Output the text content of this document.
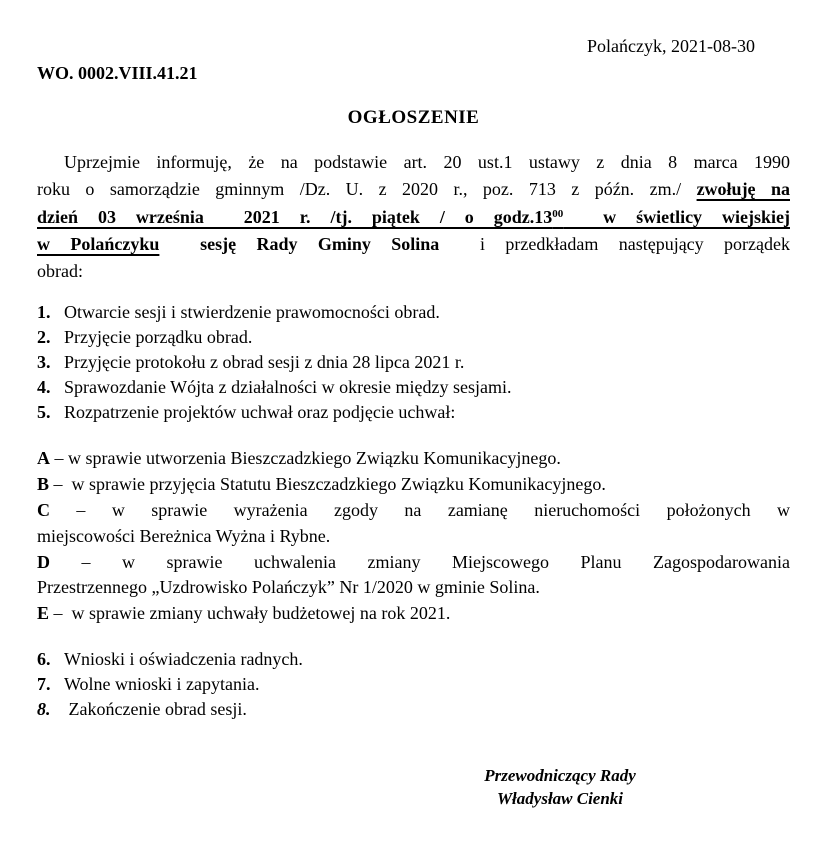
Polańczyk, 2021-08-30
WO. 0002.VIII.41.21
OGŁOSZENIE
Uprzejmie informuję, że na podstawie art. 20 ust.1 ustawy z dnia 8 marca 1990
roku o samorządzie gminnym /Dz. U. z 2020 r., poz. 713 z późn. zm./ zwołuję na
dzień 03 września  2021 r. /tj. piątek / o $godz.13^{00}$  w świetlicy wiejskiej
w Polańczyku sesję Rady Gminy Solina  i przedkładam następujący porządek
obrad:
1. Otwarcie sesji i stwierdzenie prawomocności obrad.
2. Przyjęcie porządku obrad.
3. Przyjęcie protokołu z obrad sesji z dnia 28 lipca 2021 r.
4. Sprawozdanie Wójta z działalności w okresie między sesjami.
5. Rozpatrzenie projektów uchwał oraz podjęcie uchwał:
A – w sprawie utworzenia Bieszczadzkiego Związku Komunikacyjnego.
B –  w sprawie przyjęcia Statutu Bieszczadzkiego Związku Komunikacyjnego.
C – w sprawie wyrażenia zgody na zamianę nieruchomości położonych w
miejscowości Bereżnica Wyżna i Rybne.
D – w sprawie uchwalenia zmiany Miejscowego Planu Zagospodarowania
Przestrzennego „Uzdrowisko Polańczyk” Nr 1/2020 w gminie Solina.
E –  w sprawie zmiany uchwały budżetowej na rok 2021.
6. Wnioski i oświadczenia radnych.
7. Wolne wnioski i zapytania.
8. Zakończenie obrad sesji.
Przewodniczący Rady
Władysław Cienki
